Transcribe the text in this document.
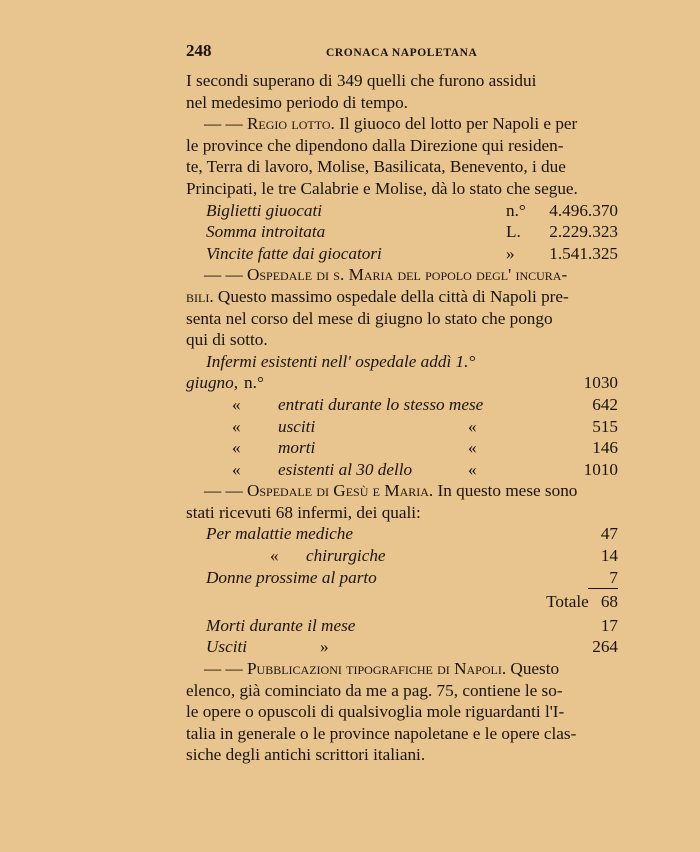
248	CRONACA NAPOLETANA

I secondi superano di 349 quelli che furono assidui

nel medesimo periodo di tempo.

— — Regio lotto. Il giuoco del lotto per Napoli e per

le province che dipendono dalla Direzione qui residen-

te, Terra di lavoro, Molise, Basilicata, Benevento, i due

Principati, le tre Calabrie e Molise, dà lo stato che segue.

Biglietti giuocati	n.°	4.496.370
Somma introitata	L.	2.229.323
Vincite fatte dai giocatori	»	1.541.325

— — Ospedale di s. Maria del popolo degl' incura-

bili. Questo massimo ospedale della città di Napoli pre-

senta nel corso del mese di giugno lo stato che pongo

qui di sotto.

Infermi esistenti nell' ospedale addì 1.°
giugno, n.°	1030
«	entrati durante lo stesso mese	642
«	usciti	«	515
«	morti	«	146
«	esistenti al 30 dello	«	1010

— — Ospedale di Gesù e Maria. In questo mese sono

stati ricevuti 68 infermi, dei quali:

Per malattie mediche	47
«	chirurgiche	14
Donne prossime al parto	7
Totale 68
Morti durante il mese	17
Usciti	»	264

— — Pubblicazioni tipografiche di Napoli. Questo

elenco, già cominciato da me a pag. 75, contiene le so-

le opere o opuscoli di qualsivoglia mole riguardanti l'I-

talia in generale o le province napoletane e le opere clas-

siche degli antichi scrittori italiani.
